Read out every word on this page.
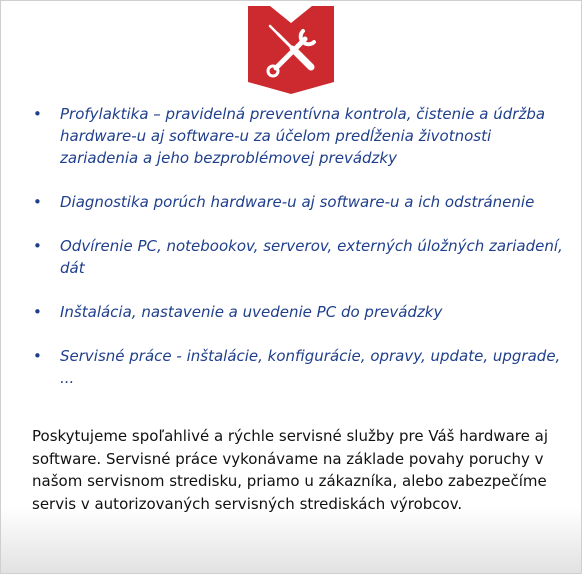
• Profylaktika – pravidelná preventívna kontrola, čistenie a údržba hardware-u aj software-u za účelom predĺženia životnosti zariadenia a jeho bezproblémovej prevádzky
• Diagnostika porúch hardware-u aj software-u a ich odstránenie
• Odvírenie PC, notebookov, serverov, externých úložných zariadení, dát
• Inštalácia, nastavenie a uvedenie PC do prevádzky
• Servisné práce - inštalácie, konfigurácie, opravy, update, upgrade, ...

Poskytujeme spoľahlivé a rýchle servisné služby pre Váš hardware aj software. Servisné práce vykonávame na základe povahy poruchy v našom servisnom stredisku, priamo u zákazníka, alebo zabezpečíme servis v autorizovaných servisných strediskách výrobcov.
